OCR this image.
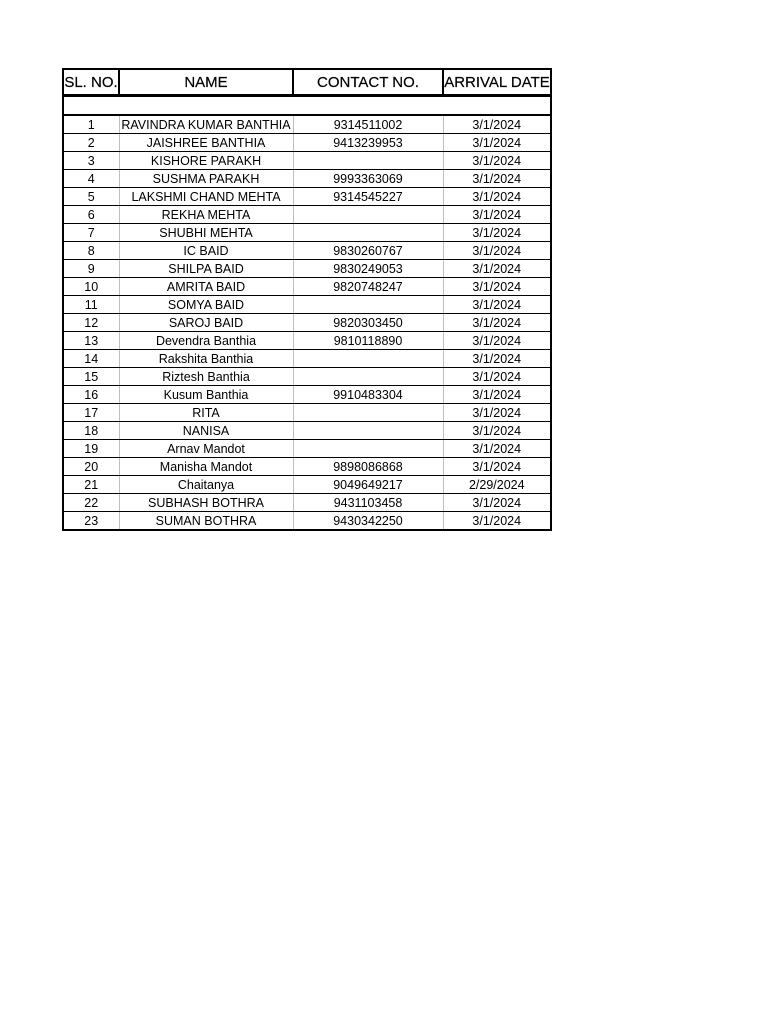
SL. NO.	NAME	CONTACT NO.	ARRIVAL DATE

1	RAVINDRA KUMAR BANTHIA	9314511002	3/1/2024
2	JAISHREE BANTHIA	9413239953	3/1/2024
3	KISHORE PARAKH		3/1/2024
4	SUSHMA PARAKH	9993363069	3/1/2024
5	LAKSHMI CHAND MEHTA	9314545227	3/1/2024
6	REKHA MEHTA		3/1/2024
7	SHUBHI MEHTA		3/1/2024
8	IC BAID	9830260767	3/1/2024
9	SHILPA BAID	9830249053	3/1/2024
10	AMRITA BAID	9820748247	3/1/2024
11	SOMYA BAID		3/1/2024
12	SAROJ BAID	9820303450	3/1/2024
13	Devendra Banthia	9810118890	3/1/2024
14	Rakshita Banthia		3/1/2024
15	Riztesh Banthia		3/1/2024
16	Kusum Banthia	9910483304	3/1/2024
17	RITA		3/1/2024
18	NANISA		3/1/2024
19	Arnav Mandot		3/1/2024
20	Manisha Mandot	9898086868	3/1/2024
21	Chaitanya	9049649217	2/29/2024
22	SUBHASH BOTHRA	9431103458	3/1/2024
23	SUMAN BOTHRA	9430342250	3/1/2024
